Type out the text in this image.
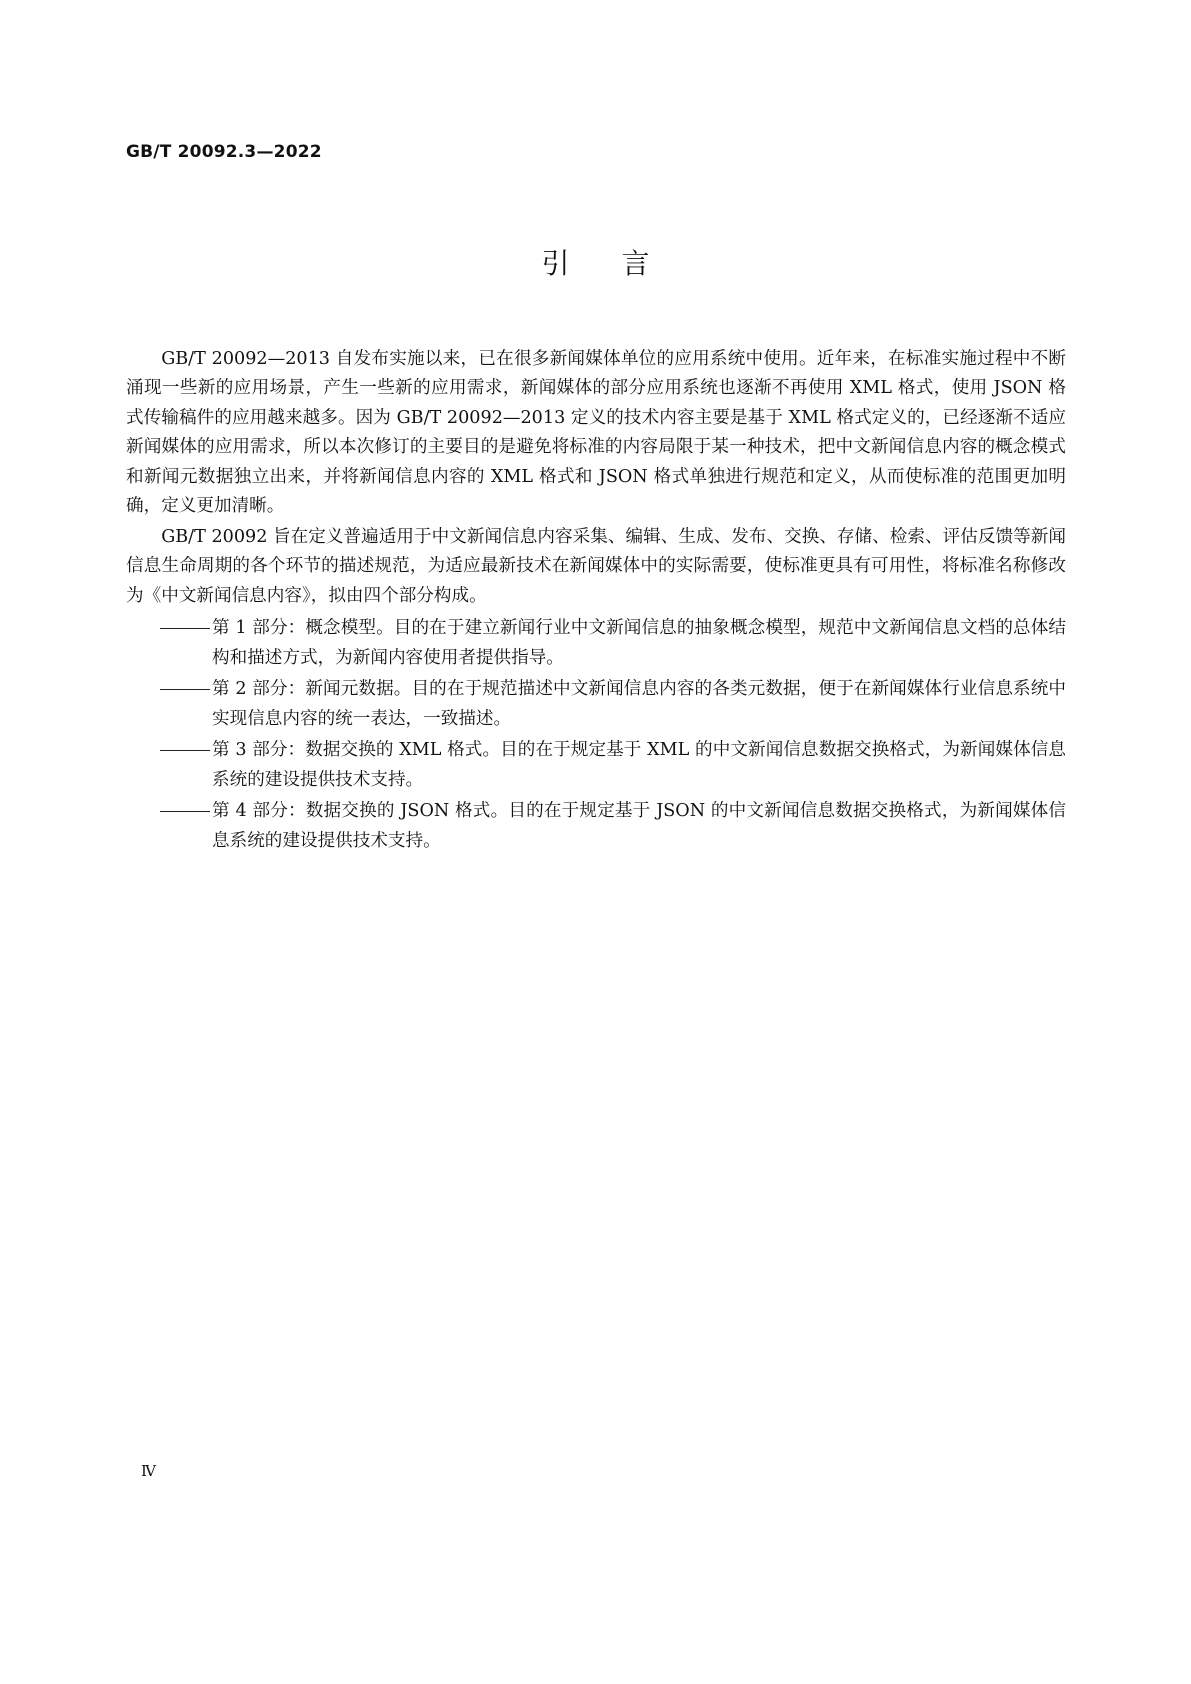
GB/T 20092.3—2022
引言

GB/T 20092—2013 自发布实施以来，已在很多新闻媒体单位的应用系统中使用。近年来，在标准实施过程中不断涌现一些新的应用场景，产生一些新的应用需求，新闻媒体的部分应用系统也逐渐不再使用 XML 格式，使用 JSON 格式传输稿件的应用越来越多。因为 GB/T 20092—2013 定义的技术内容主要是基于 XML 格式定义的，已经逐渐不适应新闻媒体的应用需求，所以本次修订的主要目的是避免将标准的内容局限于某一种技术，把中文新闻信息内容的概念模式和新闻元数据独立出来，并将新闻信息内容的 XML 格式和 JSON 格式单独进行规范和定义，从而使标准的范围更加明确，定义更加清晰。

GB/T 20092 旨在定义普遍适用于中文新闻信息内容采集、编辑、生成、发布、交换、存储、检索、评估反馈等新闻信息生命周期的各个环节的描述规范，为适应最新技术在新闻媒体中的实际需要，使标准更具有可用性，将标准名称修改为《中文新闻信息内容》，拟由四个部分构成。

第 1 部分：概念模型。目的在于建立新闻行业中文新闻信息的抽象概念模型，规范中文新闻信息文档的总体结构和描述方式，为新闻内容使用者提供指导。
第 2 部分：新闻元数据。目的在于规范描述中文新闻信息内容的各类元数据，便于在新闻媒体行业信息系统中实现信息内容的统一表达，一致描述。
第 3 部分：数据交换的 XML 格式。目的在于规定基于 XML 的中文新闻信息数据交换格式，为新闻媒体信息系统的建设提供技术支持。
第 4 部分：数据交换的 JSON 格式。目的在于规定基于 JSON 的中文新闻信息数据交换格式，为新闻媒体信息系统的建设提供技术支持。
Ⅳ
